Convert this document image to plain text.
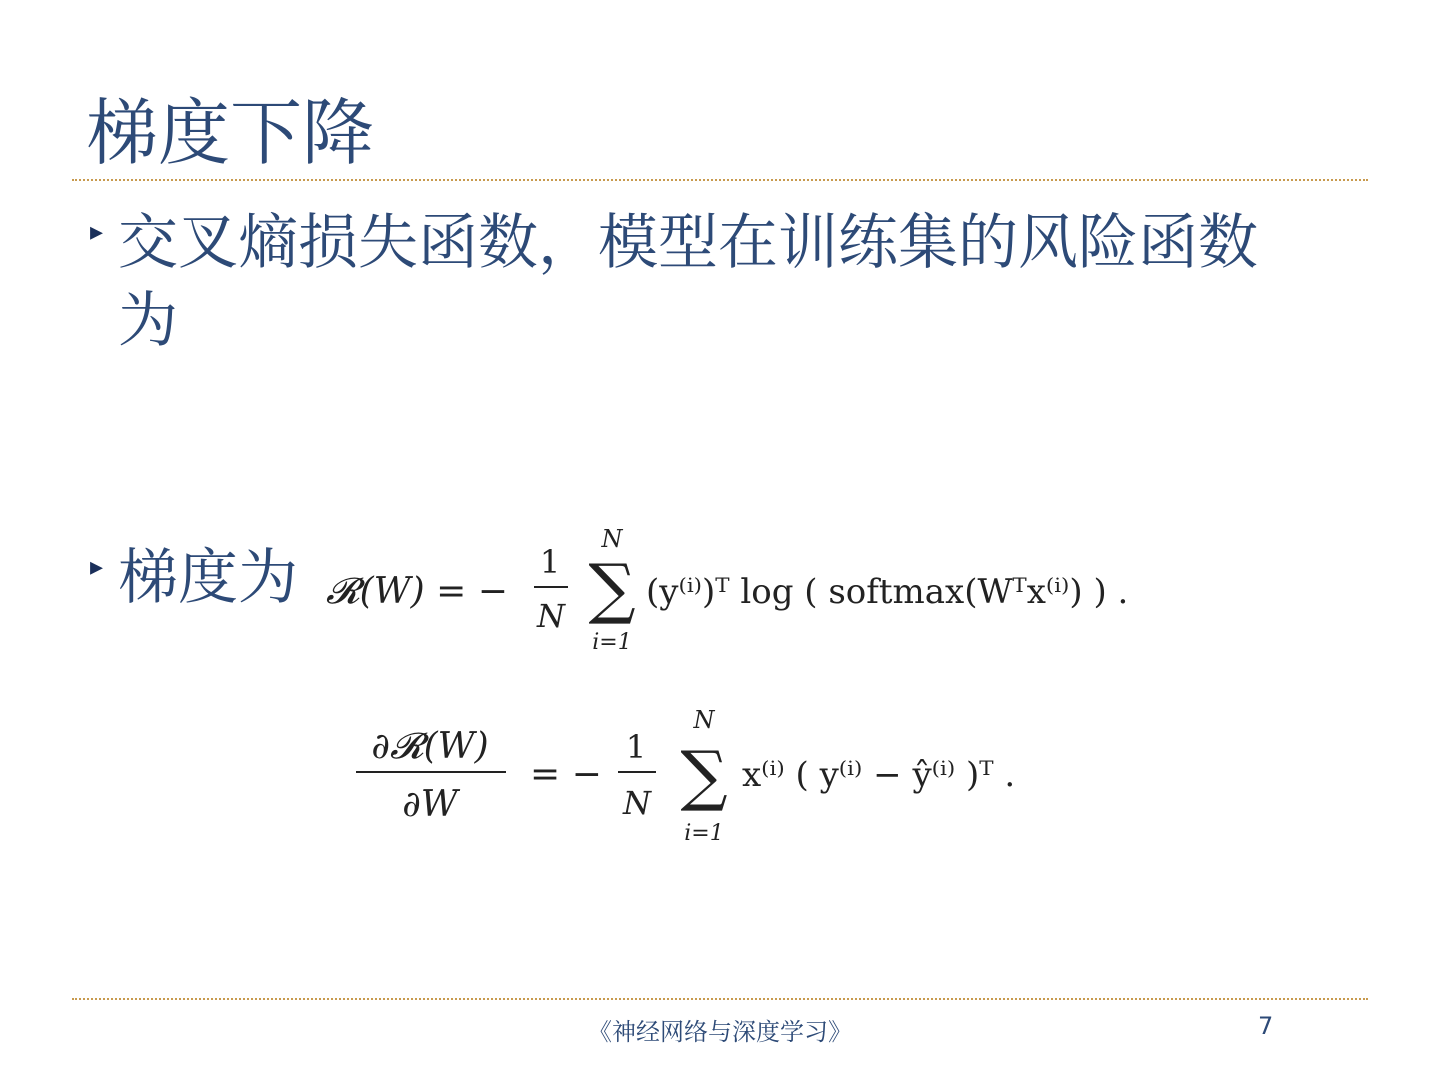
梯度下降
▸ 交叉熵损失函数，模型在训练集的风险函数
为
▸ 梯度为 𝓡(W) = −
1
N
N
∑
i=1
(y⁽ⁱ⁾)ᵀ log ( softmax(Wᵀx⁽ⁱ⁾) ) .
∂𝓡(W)
∂W
= −
1
N
N
∑
i=1
x⁽ⁱ⁾ ( y⁽ⁱ⁾ − ŷ⁽ⁱ⁾ )ᵀ .
《神经网络与深度学习》	7
